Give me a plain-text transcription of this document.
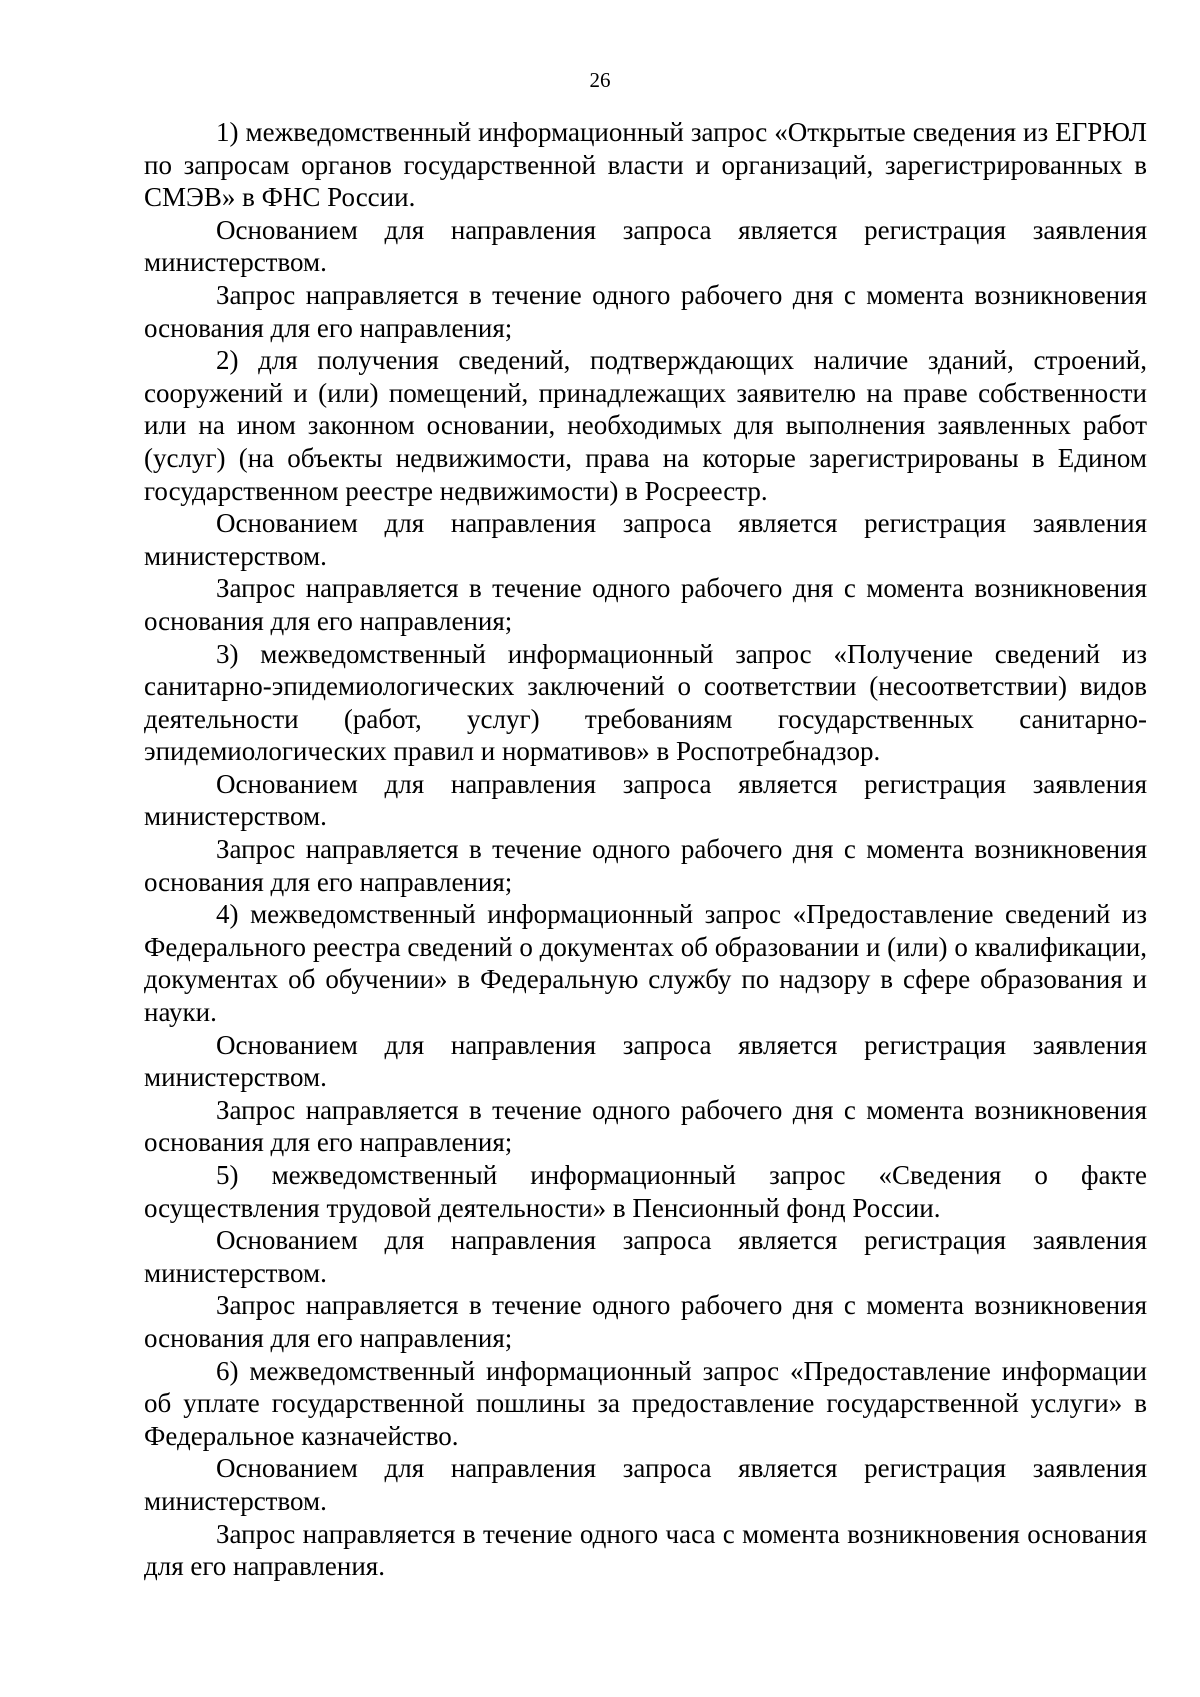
26

1) межведомственный информационный запрос «Открытые сведения из ЕГРЮЛ по запросам органов государственной власти и организаций, зарегистрированных в СМЭВ» в ФНС России.

Основанием для направления запроса является регистрация заявления министерством.

Запрос направляется в течение одного рабочего дня с момента возникновения основания для его направления;

2) для получения сведений, подтверждающих наличие зданий, строений, сооружений и (или) помещений, принадлежащих заявителю на праве собственности или на ином законном основании, необходимых для выполнения заявленных работ (услуг) (на объекты недвижимости, права на которые зарегистрированы в Едином государственном реестре недвижимости) в Росреестр.

Основанием для направления запроса является регистрация заявления министерством.

Запрос направляется в течение одного рабочего дня с момента возникновения основания для его направления;

3) межведомственный информационный запрос «Получение сведений из санитарно-эпидемиологических заключений о соответствии (несоответствии) видов деятельности (работ, услуг) требованиям государственных санитарно-эпидемиологических правил и нормативов» в Роспотребнадзор.

Основанием для направления запроса является регистрация заявления министерством.

Запрос направляется в течение одного рабочего дня с момента возникновения основания для его направления;

4) межведомственный информационный запрос «Предоставление сведений из Федерального реестра сведений о документах об образовании и (или) о квалификации, документах об обучении» в Федеральную службу по надзору в сфере образования и науки.

Основанием для направления запроса является регистрация заявления министерством.

Запрос направляется в течение одного рабочего дня с момента возникновения основания для его направления;

5) межведомственный информационный запрос «Сведения о факте осуществления трудовой деятельности» в Пенсионный фонд России.

Основанием для направления запроса является регистрация заявления министерством.

Запрос направляется в течение одного рабочего дня с момента возникновения основания для его направления;

6) межведомственный информационный запрос «Предоставление информации об уплате государственной пошлины за предоставление государственной услуги» в Федеральное казначейство.

Основанием для направления запроса является регистрация заявления министерством.

Запрос направляется в течение одного часа с момента возникновения основания для его направления.
